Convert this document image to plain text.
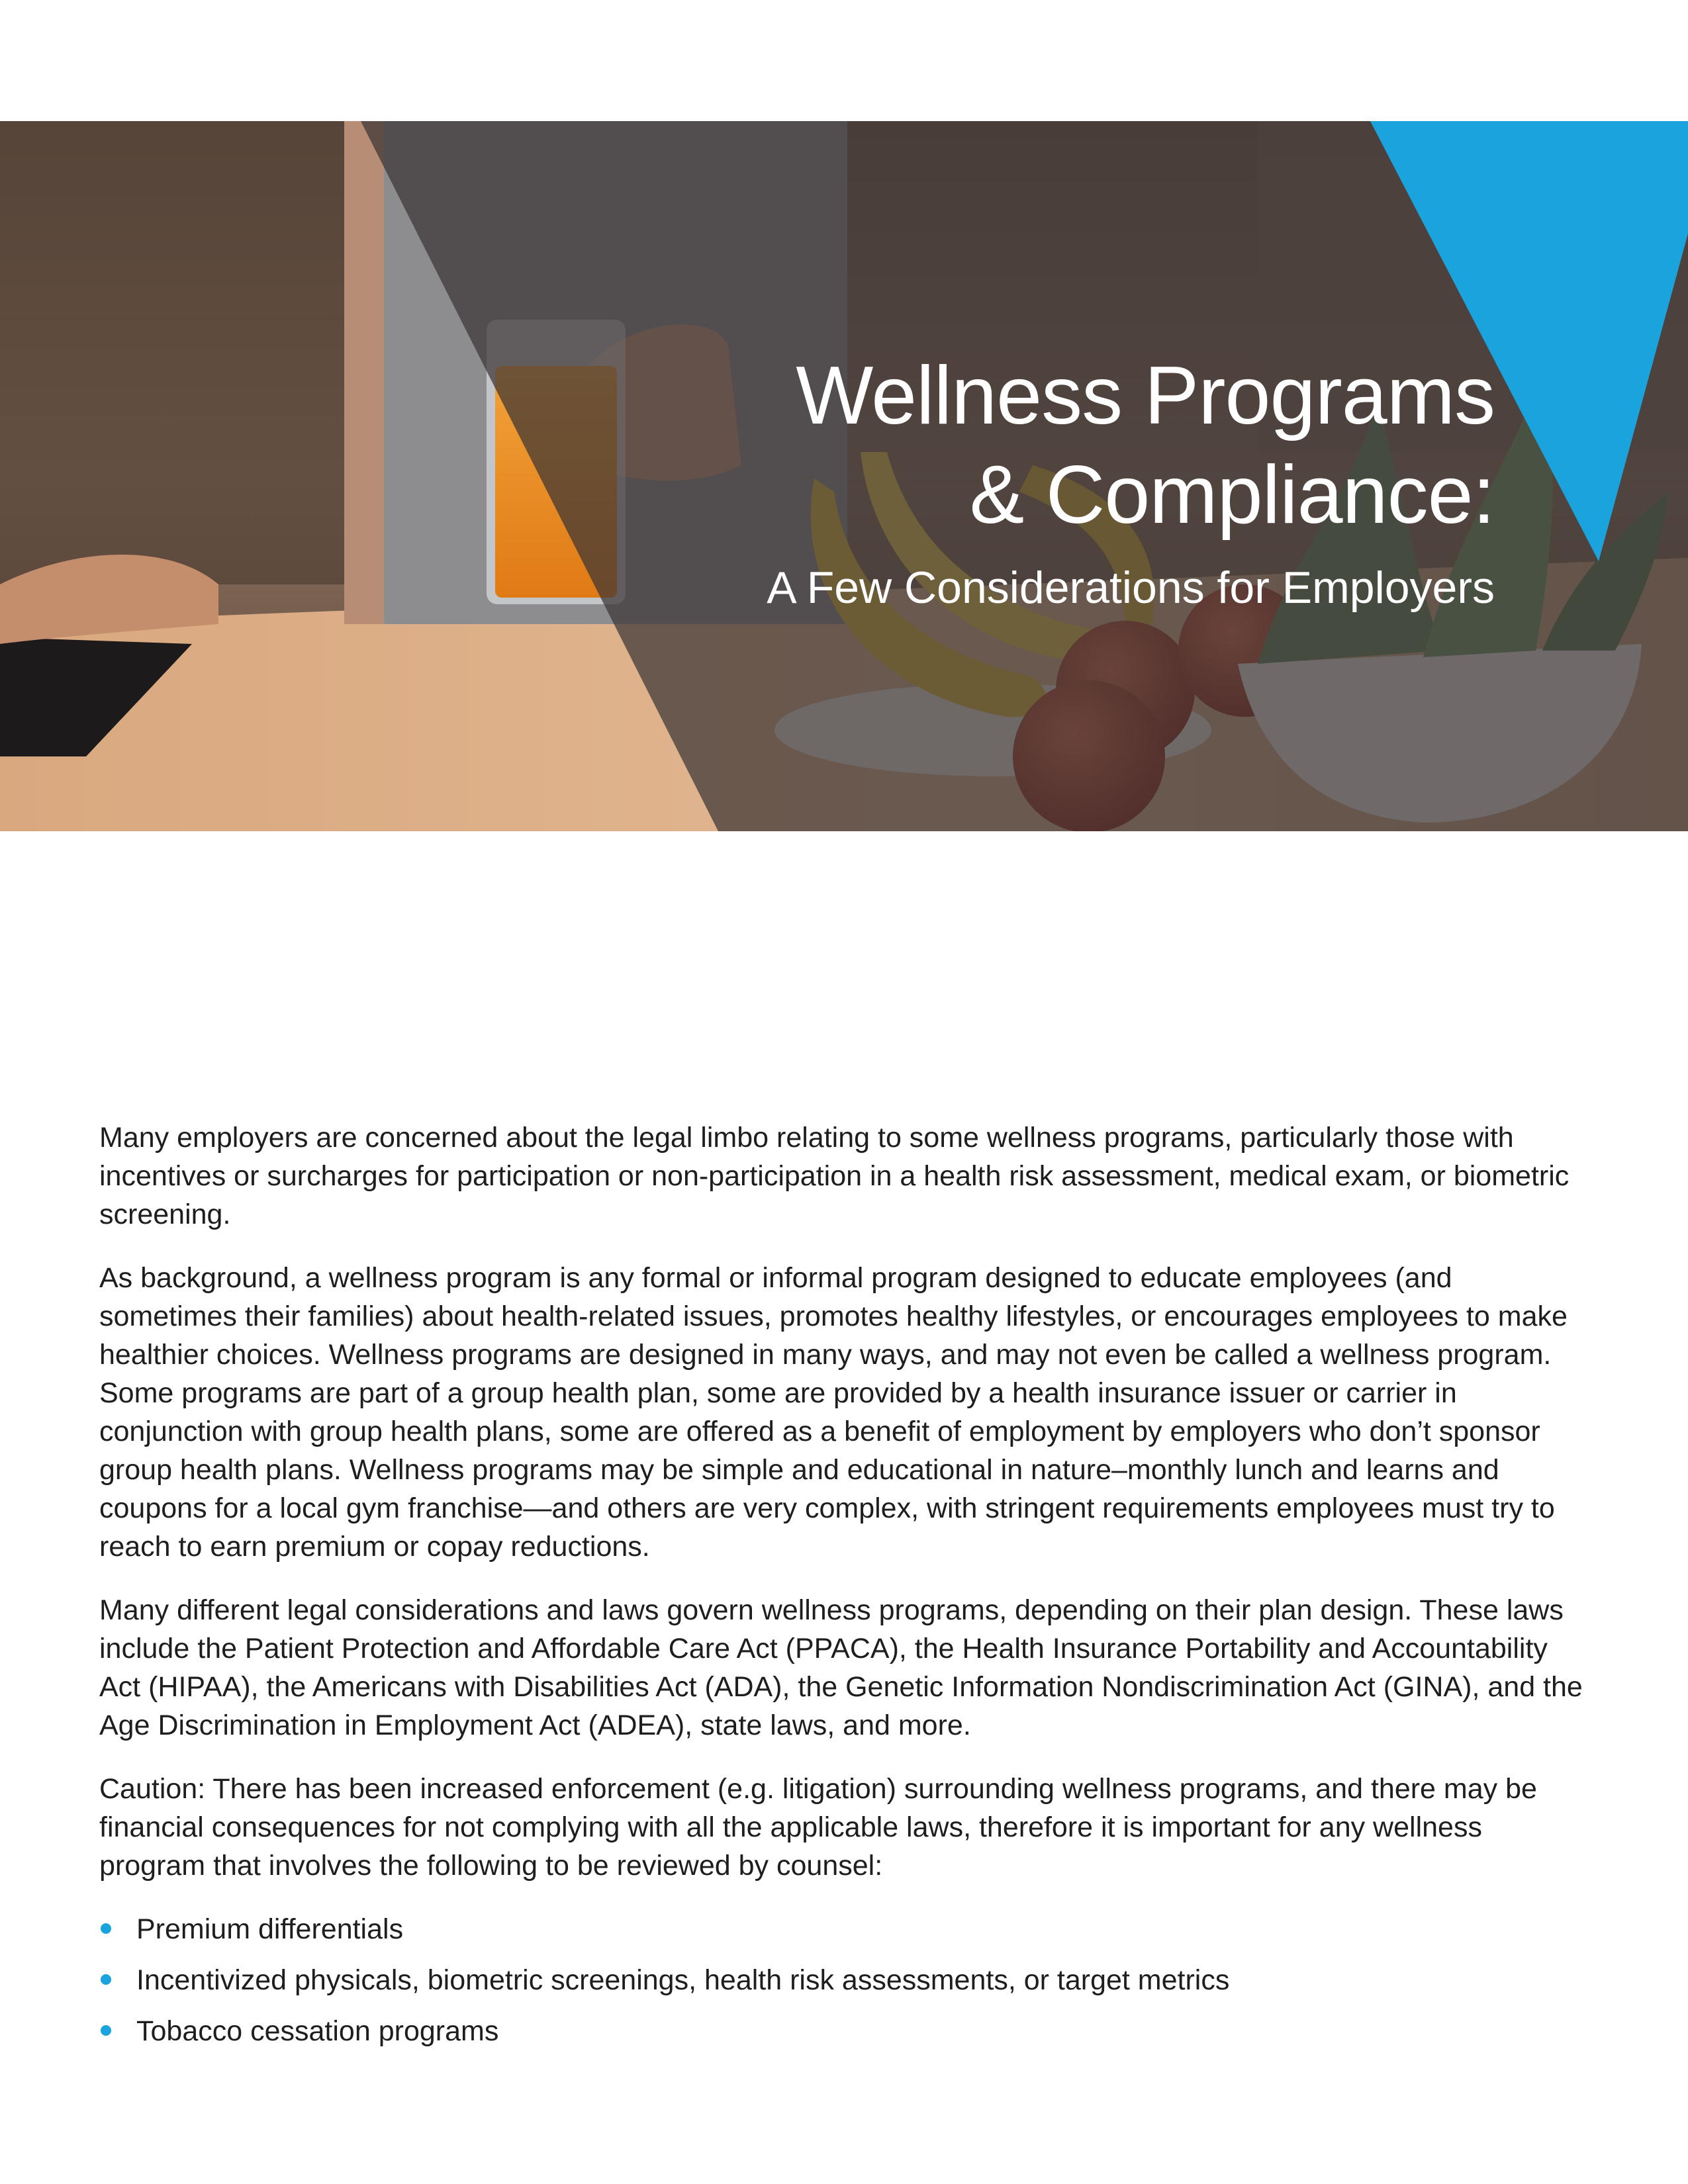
Wellness Programs
& Compliance:

A Few Considerations for Employers

Many employers are concerned about the legal limbo relating to some wellness programs, particularly those with incentives or surcharges for participation or non-participation in a health risk assessment, medical exam, or biometric screening.

As background, a wellness program is any formal or informal program designed to educate employees (and sometimes their families) about health-related issues, promotes healthy lifestyles, or encourages employees to make healthier choices. Wellness programs are designed in many ways, and may not even be called a wellness program. Some programs are part of a group health plan, some are provided by a health insurance issuer or carrier in conjunction with group health plans, some are offered as a benefit of employment by employers who don’t sponsor group health plans. Wellness programs may be simple and educational in nature–monthly lunch and learns and coupons for a local gym franchise—and others are very complex, with stringent requirements employees must try to reach to earn premium or copay reductions.

Many different legal considerations and laws govern wellness programs, depending on their plan design. These laws include the Patient Protection and Affordable Care Act (PPACA), the Health Insurance Portability and Accountability Act (HIPAA), the Americans with Disabilities Act (ADA), the Genetic Information Nondiscrimination Act (GINA), and the Age Discrimination in Employment Act (ADEA), state laws, and more.

Caution: There has been increased enforcement (e.g. litigation) surrounding wellness programs, and there may be financial consequences for not complying with all the applicable laws, therefore it is important for any wellness program that involves the following to be reviewed by counsel:

Premium differentials
Incentivized physicals, biometric screenings, health risk assessments, or target metrics
Tobacco cessation programs
